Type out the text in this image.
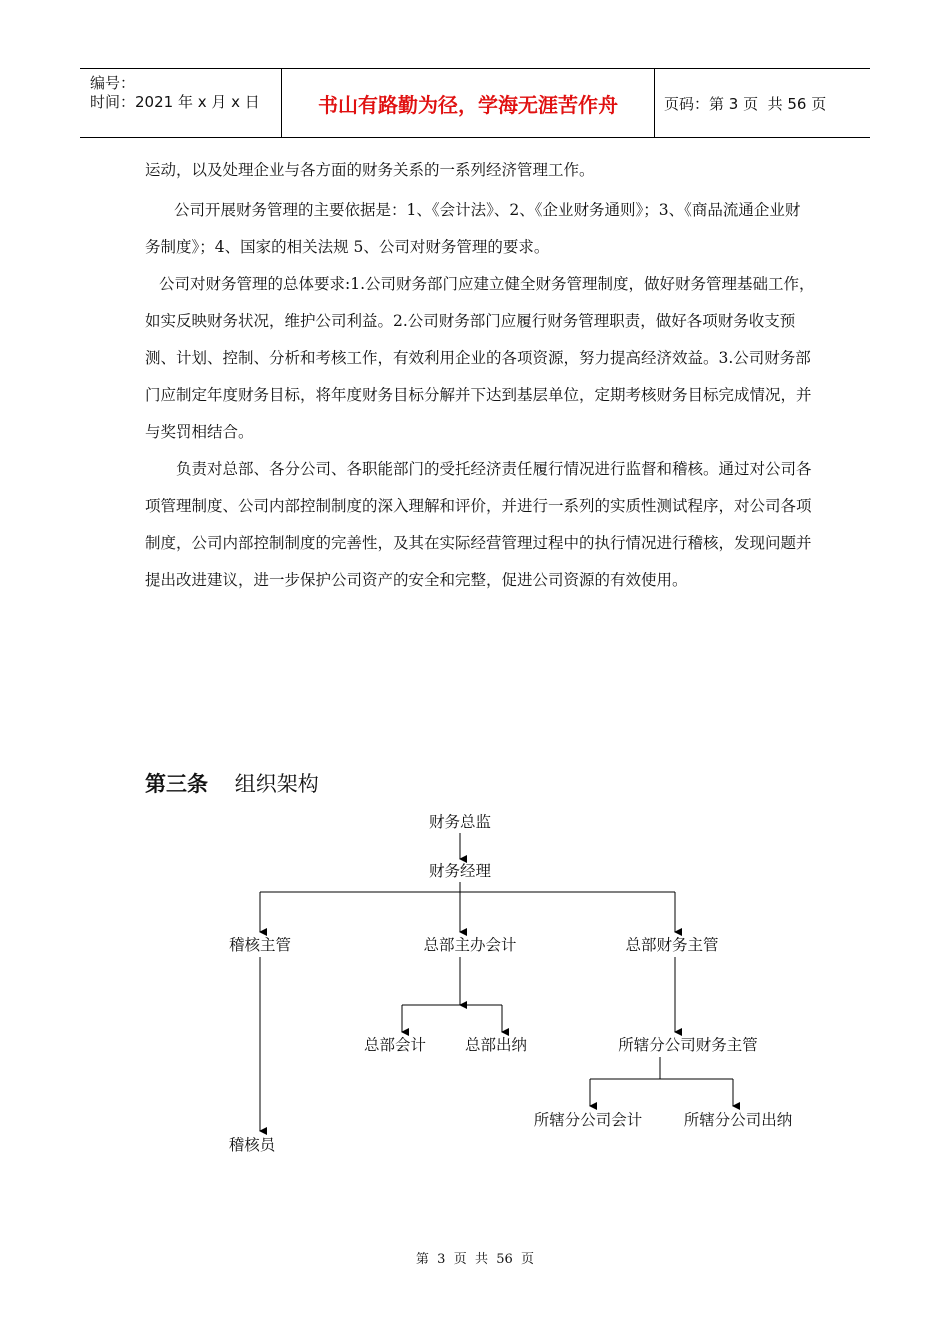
编号：
时间：2021 年 x 月 x 日	书山有路勤为径，学海无涯苦作舟	页码：第 3 页  共 56 页

运动，以及处理企业与各方面的财务关系的一系列经济管理工作。

公司开展财务管理的主要依据是：1、《会计法》、2、《企业财务通则》；3、《商品流通企业财务制度》；4、国家的相关法规 5、公司对财务管理的要求。

公司对财务管理的总体要求:1.公司财务部门应建立健全财务管理制度，做好财务管理基础工作，如实反映财务状况，维护公司利益。2.公司财务部门应履行财务管理职责，做好各项财务收支预测、计划、控制、分析和考核工作，有效利用企业的各项资源，努力提高经济效益。3.公司财务部门应制定年度财务目标，将年度财务目标分解并下达到基层单位，定期考核财务目标完成情况，并与奖罚相结合。

负责对总部、各分公司、各职能部门的受托经济责任履行情况进行监督和稽核。通过对公司各项管理制度、公司内部控制制度的深入理解和评价，并进行一系列的实质性测试程序，对公司各项制度，公司内部控制制度的完善性，及其在实际经营管理过程中的执行情况进行稽核，发现问题并提出改进建议，进一步保护公司资产的安全和完整，促进公司资源的有效使用。

第三条 组织架构
财务总监
财务经理
稽核主管	总部主办会计	总部财务主管
总部会计	总部出纳	所辖分公司财务主管
所辖分公司会计	所辖分公司出纳
稽核员
第  3  页  共  56  页
